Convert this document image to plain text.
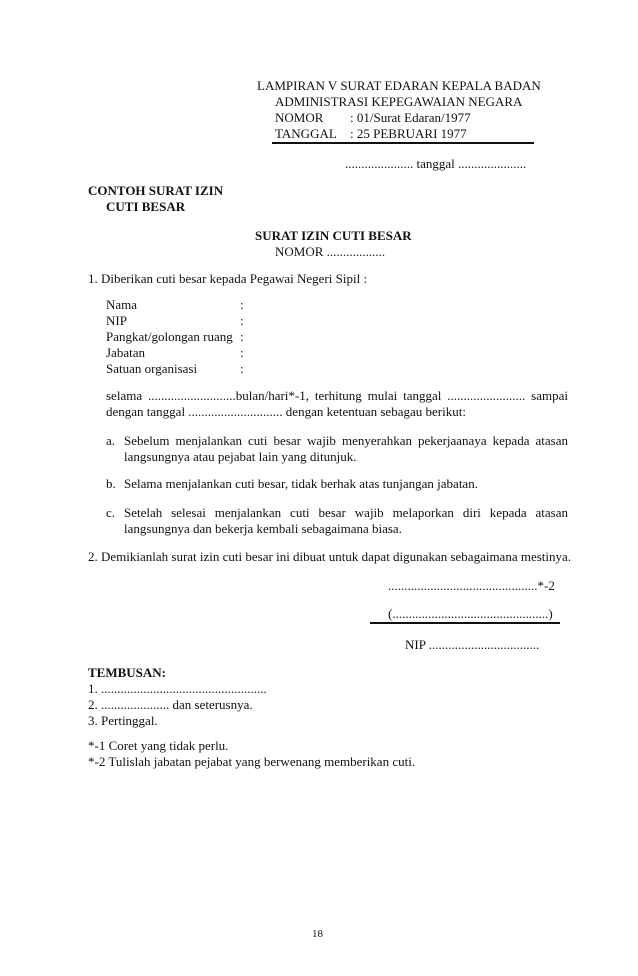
LAMPIRAN V SURAT EDARAN KEPALA BADAN
ADMINISTRASI KEPEGAWAIAN NEGARA
NOMOR : 01/Surat Edaran/1977
TANGGAL : 25 PEBRUARI 1977
..................... tanggal .....................
CONTOH SURAT IZIN
CUTI BESAR
SURAT IZIN CUTI BESAR
NOMOR ..................
1. Diberikan cuti besar kepada Pegawai Negeri Sipil :
Nama	:
NIP	:
Pangkat/golongan ruang :
Jabatan	:
Satuan organisasi	:
selama ...........................bulan/hari*-1, terhitung mulai tanggal ........................ sampai
dengan tanggal ............................. dengan ketentuan sebagau berikut:
a. Sebelum menjalankan cuti besar wajib menyerahkan pekerjaanaya kepada atasan
langsungnya atau pejabat lain yang ditunjuk.
b. Selama menjalankan cuti besar, tidak berhak atas tunjangan jabatan.
c. Setelah selesai menjalankan cuti besar wajib melaporkan diri kepada atasan
langsungnya dan bekerja kembali sebagaimana biasa.
2. Demikianlah surat izin cuti besar ini dibuat untuk dapat digunakan sebagaimana mestinya.
..............................................*-2
(................................................)
NIP ..................................
TEMBUSAN:
1. ...................................................
2. ..................... dan seterusnya.
3. Pertinggal.
*-1 Coret yang tidak perlu.
*-2 Tulislah jabatan pejabat yang berwenang memberikan cuti.
18
